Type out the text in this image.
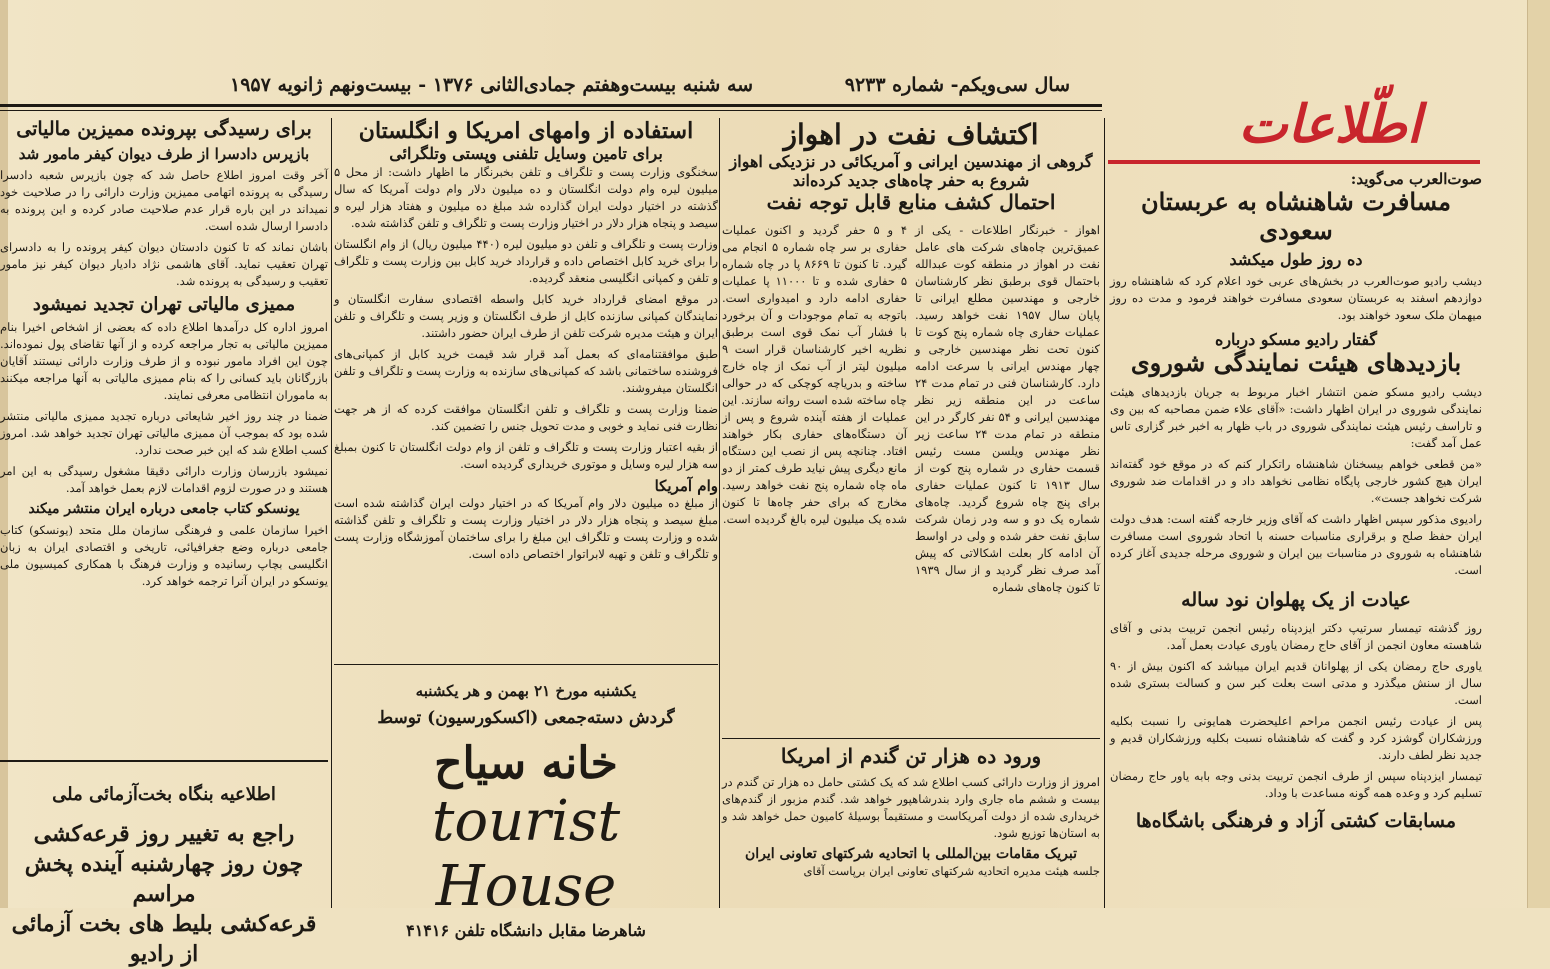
سال سی‌ویکم- شماره ۹۲۳۳
سه شنبه بیست‌وهفتم جمادی‌الثانی ۱۳۷۶ - بیست‌ونهم ژانویه ۱۹۵۷
اطّلاعات
صوت‌العرب می‌گوید:
مسافرت شاهنشاه به عربستان سعودی
ده روز طول میکشد

دیشب رادیو صوت‌العرب در بخش‌های عربی خود اعلام کرد که شاهنشاه روز دوازدهم اسفند به عربستان سعودی مسافرت خواهند فرمود و مدت ده روز میهمان ملک سعود خواهند بود.

گفتار رادیو مسکو درباره
بازدیدهای هیئت نمایندگی شوروی

دیشب رادیو مسکو ضمن انتشار اخبار مربوط به جریان بازدیدهای هیئت نمایندگی شوروی در ایران اظهار داشت: «آقای علاء ضمن مصاحبه که بین وی و تاراسف رئیس هیئت نمایندگی شوروی در باب ظهار به اخبر خبر گزاری تاس عمل آمد گفت:

«من قطعی خواهم بیسخنان شاهنشاه راتکرار کنم که در موقع خود گفته‌اند ایران هیچ کشور خارجی پایگاه نظامی نخواهد داد و در اقدامات ضد شوروی شرکت نخواهد جست».

رادیوی مذکور سپس اظهار داشت که آقای وزیر خارجه گفته است: هدف دولت ایران حفظ صلح و برقراری مناسبات حسنه با اتحاد شوروی است مسافرت شاهنشاه به شوروی در مناسبات بین ایران و شوروی مرحله جدیدی آغاز کرده است.

عیادت از یک پهلوان نود ساله

روز گذشته تیمسار سرتیپ دکتر ایزدپناه رئیس انجمن تربیت بدنی و آقای شاهسته معاون انجمن از آقای حاج رمضان یاوری عیادت بعمل آمد.

یاوری حاج رمضان یکی از پهلوانان قدیم ایران میباشد که اکنون بیش از ۹۰ سال از سنش میگذرد و مدتی است بعلت کبر سن و کسالت بستری شده است.

پس از عیادت رئیس انجمن مراحم اعلیحضرت همایونی را نسبت بکلیه ورزشکاران گوشزد کرد و گفت که شاهنشاه نسبت بکلیه ورزشکاران قدیم و جدید نظر لطف دارند.

تیمسار ایزدپناه سپس از طرف انجمن تربیت بدنی وجه بابه یاور حاج رمضان تسلیم کرد و وعده همه گونه مساعدت با وداد.

مسابقات کشتی آزاد و فرهنگی باشگاه‌ها
اکتشاف نفت در اهواز
گروهی از مهندسین ایرانی و آمریکائی در نزدیکی اهواز شروع به حفر چاه‌های جدید کرده‌اند
احتمال کشف منابع قابل توجه نفت

اهواز - خبرنگار اطلاعات - یکی از عمیق‌ترین چاه‌های شرکت های عامل نفت در اهواز در منطقه کوت عبدالله باحتمال قوی برطبق نظر کارشناسان خارجی و مهندسین مطلع ایرانی تا پایان سال ۱۹۵۷ نفت خواهد رسید. عملیات حفاری چاه شماره پنج کوت تا کنون تحت نظر مهندسین خارجی و چهار مهندس ایرانی با سرعت ادامه دارد. کارشناسان فنی در تمام مدت ۲۴ ساعت در این منطقه زیر نظر مهندسین ایرانی و ۵۴ نفر کارگر در این منطقه در تمام مدت ۲۴ ساعت زیر نظر مهندس ویلسن مست رئیس قسمت حفاری در شماره پنج کوت از سال ۱۹۱۳ تا کنون عملیات حفاری برای پنج چاه شروع گردید. چاه‌های شماره یک دو و سه ودر زمان شرکت سابق نفت حفر شده و ولی در اواسط آن ادامه کار بعلت اشکالاتی که پیش آمد صرف نظر گردید و از سال ۱۹۳۹ تا کنون چاه‌های شماره

۴ و ۵ حفر گردید و اکنون عملیات حفاری بر سر چاه شماره ۵ انجام می گیرد. تا کنون تا ۸۶۶۹ پا در چاه شماره ۵ حفاری شده و تا ۱۱۰۰۰ پا عملیات حفاری ادامه دارد و امیدواری است. باتوجه به تمام موجودات و آن برخورد با فشار آب نمک قوی است برطبق نظریه اخیر کارشناسان قرار است ۹ میلیون لیتر از آب نمک از چاه خارج ساخته و بدریاچه کوچکی که در حوالی چاه ساخته شده است روانه سازند. این عملیات از هفته آینده شروع و پس از آن دستگاه‌های حفاری بکار خواهند افتاد. چنانچه پس از نصب این دستگاه مانع دیگری پیش نیاید طرف کمتر از دو ماه چاه شماره پنج نفت خواهد رسید. مخارج که برای حفر چاه‌ها تا کنون شده یک میلیون لیره بالغ گردیده است.

ورود ده هزار تن گندم از امریکا

امروز از وزارت دارائی کسب اطلاع شد که یک کشتی حامل ده هزار تن گندم در بیست و ششم ماه جاری وارد بندرشاهپور خواهد شد. گندم مزبور از گندم‌های خریداری شده از دولت آمریکاست و مستقیماً بوسیلهٔ کامیون حمل خواهد شد و به استان‌ها توزیع شود.

تبریک مقامات بین‌المللی با اتحادیه شرکتهای تعاونی ایران

جلسه هیئت مدیره اتحادیه شرکتهای تعاونی ایران برپاست آقای

استفاده از وامهای امریکا و انگلستان
برای تامین وسایل تلفنی وپستی وتلگرائی

سخنگوی وزارت پست و تلگراف و تلفن بخبرنگار ما اظهار داشت: از محل ۵ میلیون لیره وام دولت انگلستان و ده میلیون دلار وام دولت آمریکا که سال گذشته در اختیار دولت ایران گذارده شد مبلغ ده میلیون و هفتاد هزار لیره و سیصد و پنجاه هزار دلار در اختیار وزارت پست و تلگراف و تلفن گذاشته شده.

وزارت پست و تلگراف و تلفن دو میلیون لیره (۴۴۰ میلیون ریال) از وام انگلستان را برای خرید کابل اختصاص داده و قرارداد خرید کابل بین وزارت پست و تلگراف و تلفن و کمپانی انگلیسی منعقد گردیده.

در موقع امضای قرارداد خرید کابل واسطه اقتصادی سفارت انگلستان و نمایندگان کمپانی سازنده کابل از طرف انگلستان و وزیر پست و تلگراف و تلفن ایران و هیئت مدیره شرکت تلفن از طرف ایران حضور داشتند.

طبق موافقتنامه‌ای که بعمل آمد قرار شد قیمت خرید کابل از کمپانی‌های فروشنده ساختمانی باشد که کمپانی‌های سازنده به وزارت پست و تلگراف و تلفن انگلستان میفروشند.

ضمنا وزارت پست و تلگراف و تلفن انگلستان موافقت کرده که از هر جهت نظارت فنی نماید و خوبی و مدت تحویل جنس را تضمین کند.

از بقیه اعتبار وزارت پست و تلگراف و تلفن از وام دولت انگلستان تا کنون بمبلغ سه هزار لیره وسایل و موتوری خریداری گردیده است.

وام آمریکا

از مبلغ ده میلیون دلار وام آمریکا که در اختیار دولت ایران گذاشته شده است مبلغ سیصد و پنجاه هزار دلار در اختیار وزارت پست و تلگراف و تلفن گذاشته شده و وزارت پست و تلگراف این مبلغ را برای ساختمان آموزشگاه وزارت پست و تلگراف و تلفن و تهیه لابراتوار اختصاص داده است.

یکشنبه مورخ ۲۱ بهمن و هر یکشنبه
گردش دسته‌جمعی (اکسکورسیون) توسط
خانه سیاح
tourist House
شاهرضا مقابل دانشگاه تلفن ۴۱۴۱۶
برای رسیدگی بپرونده ممیزین مالیاتی
بازپرس دادسرا از طرف دیوان کیفر مامور شد

آخر وقت امروز اطلاع حاصل شد که چون بازپرس شعبه دادسرا رسیدگی به پرونده اتهامی ممیزین وزارت دارائی را در صلاحیت خود نمیداند در این باره قرار عدم صلاحیت صادر کرده و این پرونده به دادسرا ارسال شده است.

باشان نماند که تا کنون دادستان دیوان کیفر پرونده را به دادسرای تهران تعقیب نماید. آقای هاشمی نژاد دادیار دیوان کیفر نیز مامور تعقیب و رسیدگی به پرونده شد.

ممیزی مالیاتی تهران تجدید نمیشود

امروز اداره کل درآمدها اطلاع داده که بعضی از اشخاص اخیرا بنام ممیزین مالیاتی به تجار مراجعه کرده و از آنها تقاضای پول نموده‌اند. چون این افراد مامور نبوده و از طرف وزارت دارائی نیستند آقایان بازرگانان باید کسانی را که بنام ممیزی مالیاتی به آنها مراجعه میکنند به ماموران انتظامی معرفی نمایند.

ضمنا در چند روز اخیر شایعاتی درباره تجدید ممیزی مالیاتی منتشر شده بود که بموجب آن ممیزی مالیاتی تهران تجدید خواهد شد. امروز کسب اطلاع شد که این خبر صحت ندارد.

نمیشود بازرسان وزارت دارائی دقیقا مشغول رسیدگی به این امر هستند و در صورت لزوم اقدامات لازم بعمل خواهد آمد.

یونسکو کتاب جامعی درباره ایران منتشر میکند

اخیرا سازمان علمی و فرهنگی سازمان ملل متحد (یونسکو) کتاب جامعی درباره وضع جغرافیائی، تاریخی و اقتصادی ایران به زبان انگلیسی بچاپ رسانیده و وزارت فرهنگ با همکاری کمیسیون ملی یونسکو در ایران آنرا ترجمه خواهد کرد.

اطلاعیه بنگاه بخت‌آزمائی ملی
راجع به تغییر روز قرعه‌کشی
چون روز چهارشنبه آینده پخش مراسم
قرعه‌کشی بلیط های بخت آزمائی از رادیو
